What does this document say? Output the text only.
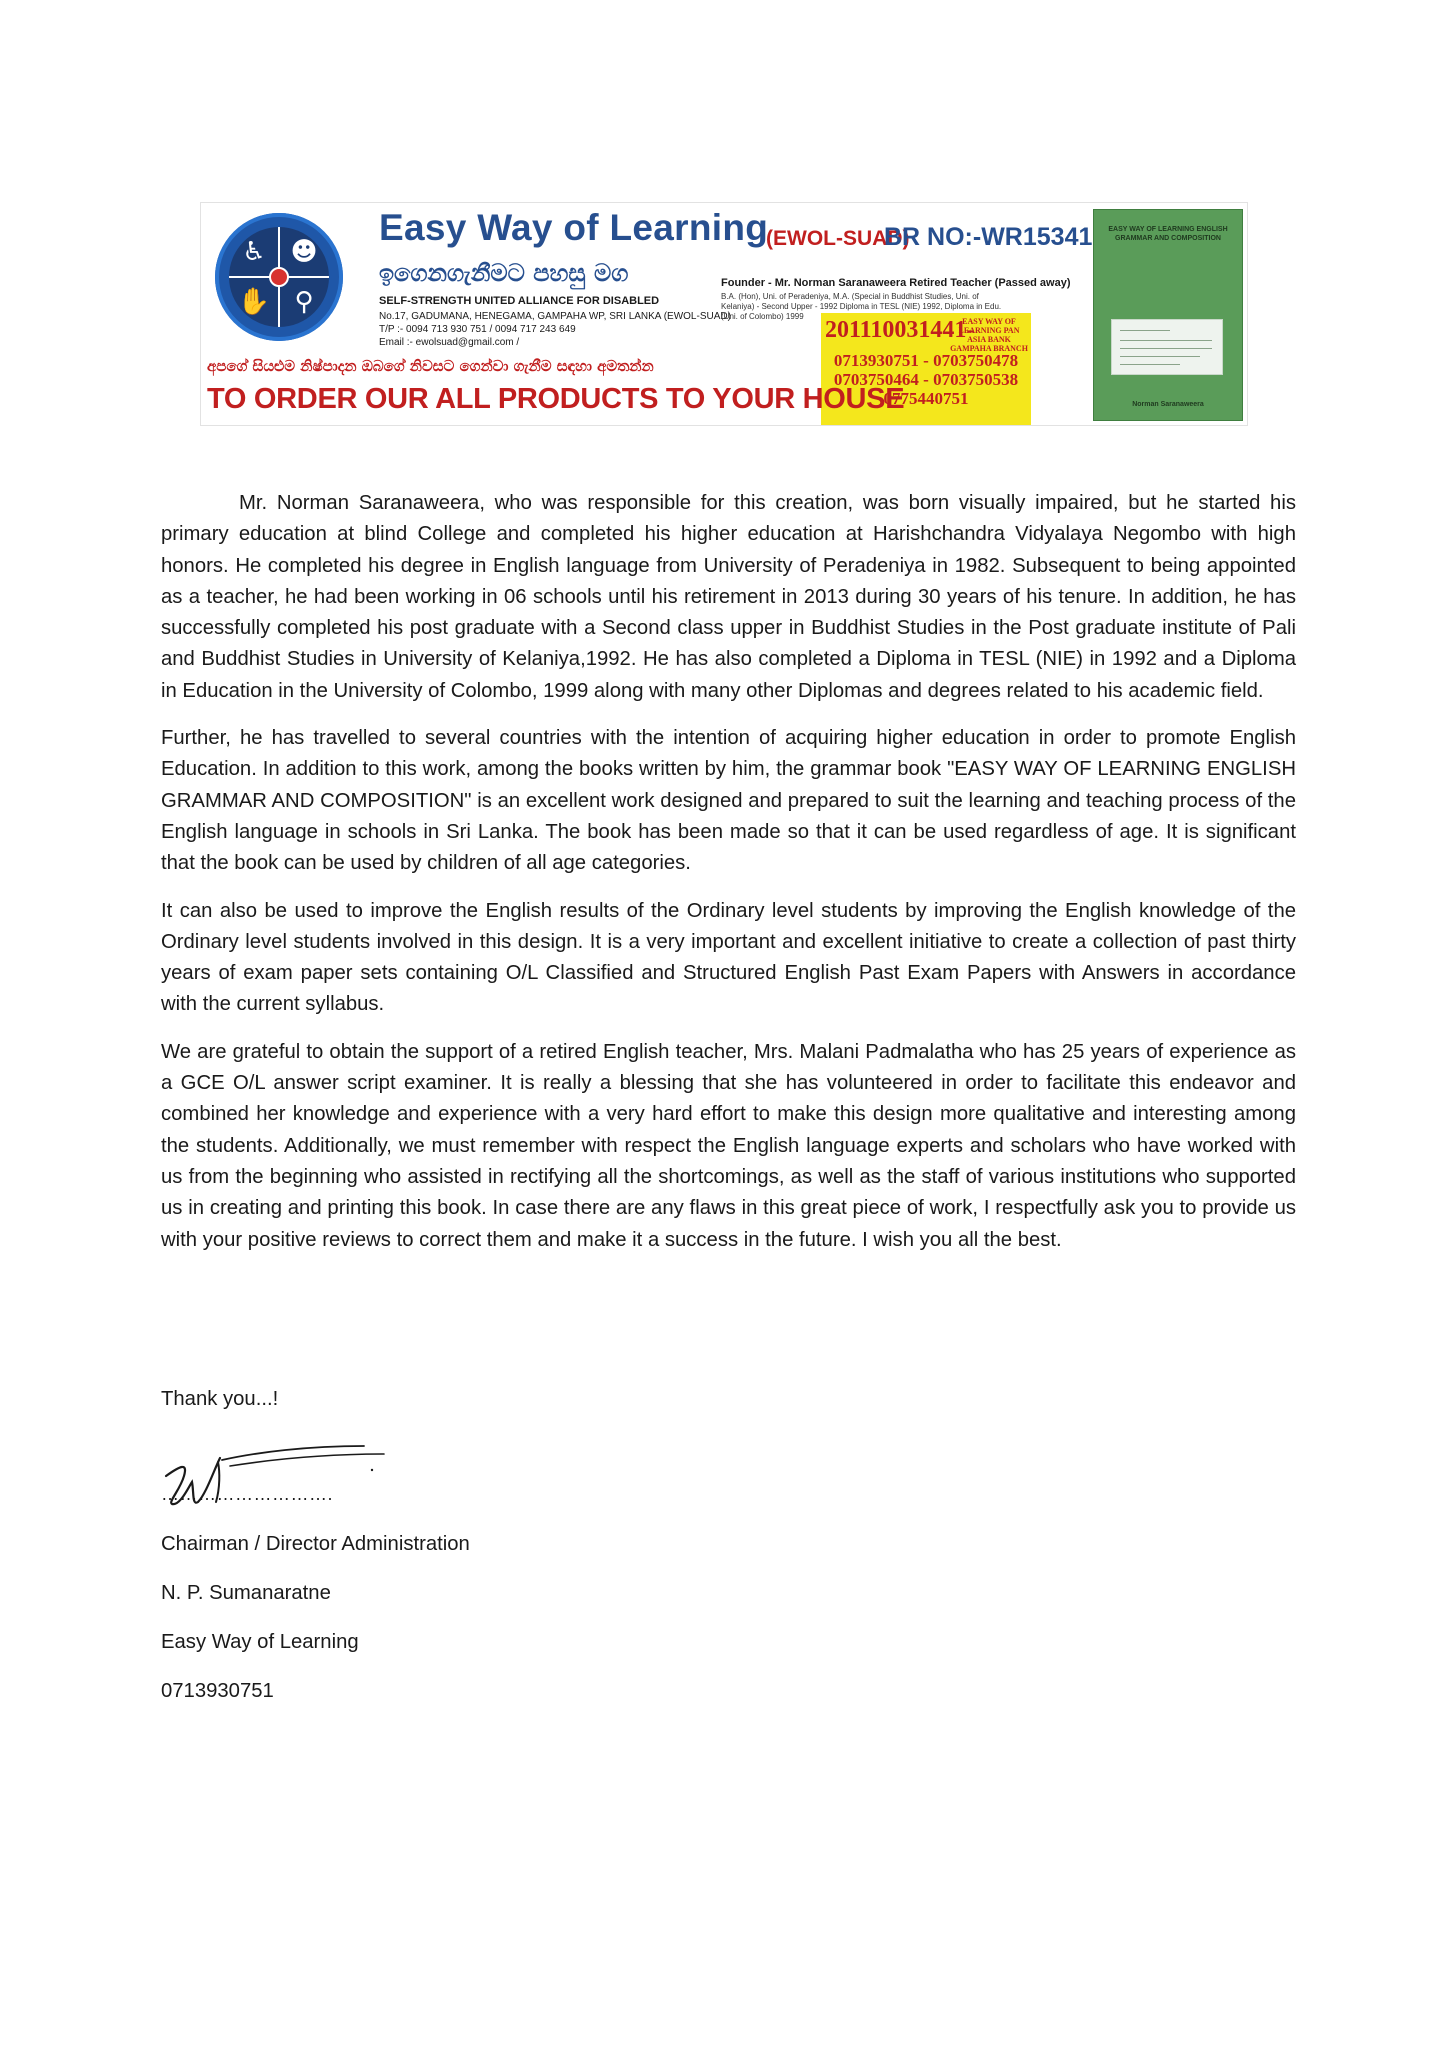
♿ ☻
✋ ⚲
Easy Way of Learning
(EWOL-SUAD)
BR NO:-WR15341
ඉගෙනගැනීමට පහසු මග
SELF-STRENGTH UNITED ALLIANCE FOR DISABLED
No.17, GADUMANA, HENEGAMA, GAMPAHA WP, SRI LANKA (EWOL-SUAD)
T/P :- 0094 713 930 751 / 0094 717 243 649
Email :- ewolsuad@gmail.com /
Founder - Mr. Norman Saranaweera Retired Teacher (Passed away)
B.A. (Hon), Uni. of Peradeniya, M.A. (Special in Buddhist Studies, Uni. of Kelaniya) - Second Upper - 1992 Diploma in TESL (NIE) 1992, Diploma in Edu. (Uni. of Colombo) 1999
201110031441-
EASY WAY OF LEARNING PAN ASIA BANK GAMPAHA BRANCH
0713930751 - 0703750478
0703750464 - 0703750538
0775440751
අපගේ සියළුම නිෂ්පාදන ඔබගේ නිවසට ගෙන්වා ගැනීම සඳහා අමතන්න
TO ORDER OUR ALL PRODUCTS TO YOUR HOUSE
EASY WAY OF LEARNING ENGLISH GRAMMAR AND COMPOSITION
Norman Saranaweera

Mr. Norman Saranaweera, who was responsible for this creation, was born visually impaired, but he started his primary education at blind College and completed his higher education at Harishchandra Vidyalaya Negombo with high honors. He completed his degree in English language from University of Peradeniya in 1982. Subsequent to being appointed as a teacher, he had been working in 06 schools until his retirement in 2013 during 30 years of his tenure. In addition, he has successfully completed his post graduate with a Second class upper in Buddhist Studies in the Post graduate institute of Pali and Buddhist Studies in University of Kelaniya,1992. He has also completed a Diploma in TESL (NIE) in 1992 and a Diploma in Education in the University of Colombo, 1999 along with many other Diplomas and degrees related to his academic field.

Further, he has travelled to several countries with the intention of acquiring higher education in order to promote English Education. In addition to this work, among the books written by him, the grammar book "EASY WAY OF LEARNING ENGLISH GRAMMAR AND COMPOSITION" is an excellent work designed and prepared to suit the learning and teaching process of the English language in schools in Sri Lanka. The book has been made so that it can be used regardless of age. It is significant that the book can be used by children of all age categories.

It can also be used to improve the English results of the Ordinary level students by improving the English knowledge of the Ordinary level students involved in this design. It is a very important and excellent initiative to create a collection of past thirty years of exam paper sets containing O/L Classified and Structured English Past Exam Papers with Answers in accordance with the current syllabus.

We are grateful to obtain the support of a retired English teacher, Mrs. Malani Padmalatha who has 25 years of experience as a GCE O/L answer script examiner. It is really a blessing that she has volunteered in order to facilitate this endeavor and combined her knowledge and experience with a very hard effort to make this design more qualitative and interesting among the students. Additionally, we must remember with respect the English language experts and scholars who have worked with us from the beginning who assisted in rectifying all the shortcomings, as well as the staff of various institutions who supported us in creating and printing this book. In case there are any flaws in this great piece of work, I respectfully ask you to provide us with your positive reviews to correct them and make it a success in the future. I wish you all the best.

Thank you...!
……………………….
Chairman / Director Administration
N. P. Sumanaratne
Easy Way of Learning
0713930751
